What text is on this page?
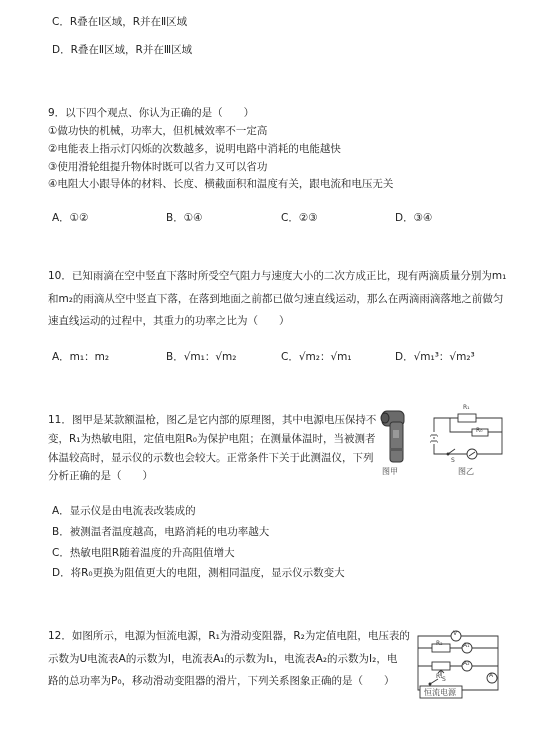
C．R叠在Ⅰ区域，R并在Ⅱ区域
D．R叠在Ⅱ区域，R并在Ⅲ区域
9．以下四个观点、你认为正确的是（　　）
①做功快的机械，功率大，但机械效率不一定高
②电能表上指示灯闪烁的次数越多，说明电路中消耗的电能越快
③使用滑轮组提升物体时既可以省力又可以省功
④电阻大小跟导体的材料、长度、横截面积和温度有关，跟电流和电压无关
A．①②	B．①④	C．②③	D．③④
10．已知雨滴在空中竖直下落时所受空气阻力与速度大小的二次方成正比，现有两滴质量分别为m₁
和m₂的雨滴从空中竖直下落，在落到地面之前都已做匀速直线运动，那么在两滴雨滴落地之前做匀
速直线运动的过程中，其重力的功率之比为（　　）
A．m₁：m₂	B．√m₁：√m₂	C．√m₂：√m₁	D．√m₁³：√m₂³
11．图甲是某款额温枪，图乙是它内部的原理图，其中电源电压保持不
变，R₁为热敏电阻，定值电阻R₀为保护电阻；在测量体温时，当被测者
体温较高时，显示仪的示数也会较大。正常条件下关于此测温仪，下列
分析正确的是（　　）	图甲
R₁
R₀
S
图乙
A．显示仪是由电流表改装成的
B．被测温者温度越高，电路消耗的电功率越大
C．热敏电阻R随着温度的升高阻值增大
D．将R₀更换为阻值更大的电阻，测相同温度，显示仪示数变大
12．如图所示，电源为恒流电源，R₁为滑动变阻器，R₂为定值电阻，电压表的
示数为U电流表A的示数为I，电流表A₁的示数为I₁，电流表A₂的示数为I₂，电
路的总功率为P₀，移动滑动变阻器的滑片，下列关系图象正确的是（　　）
V
R₂	A₁
A₂
R₁ S
A
恒流电源
